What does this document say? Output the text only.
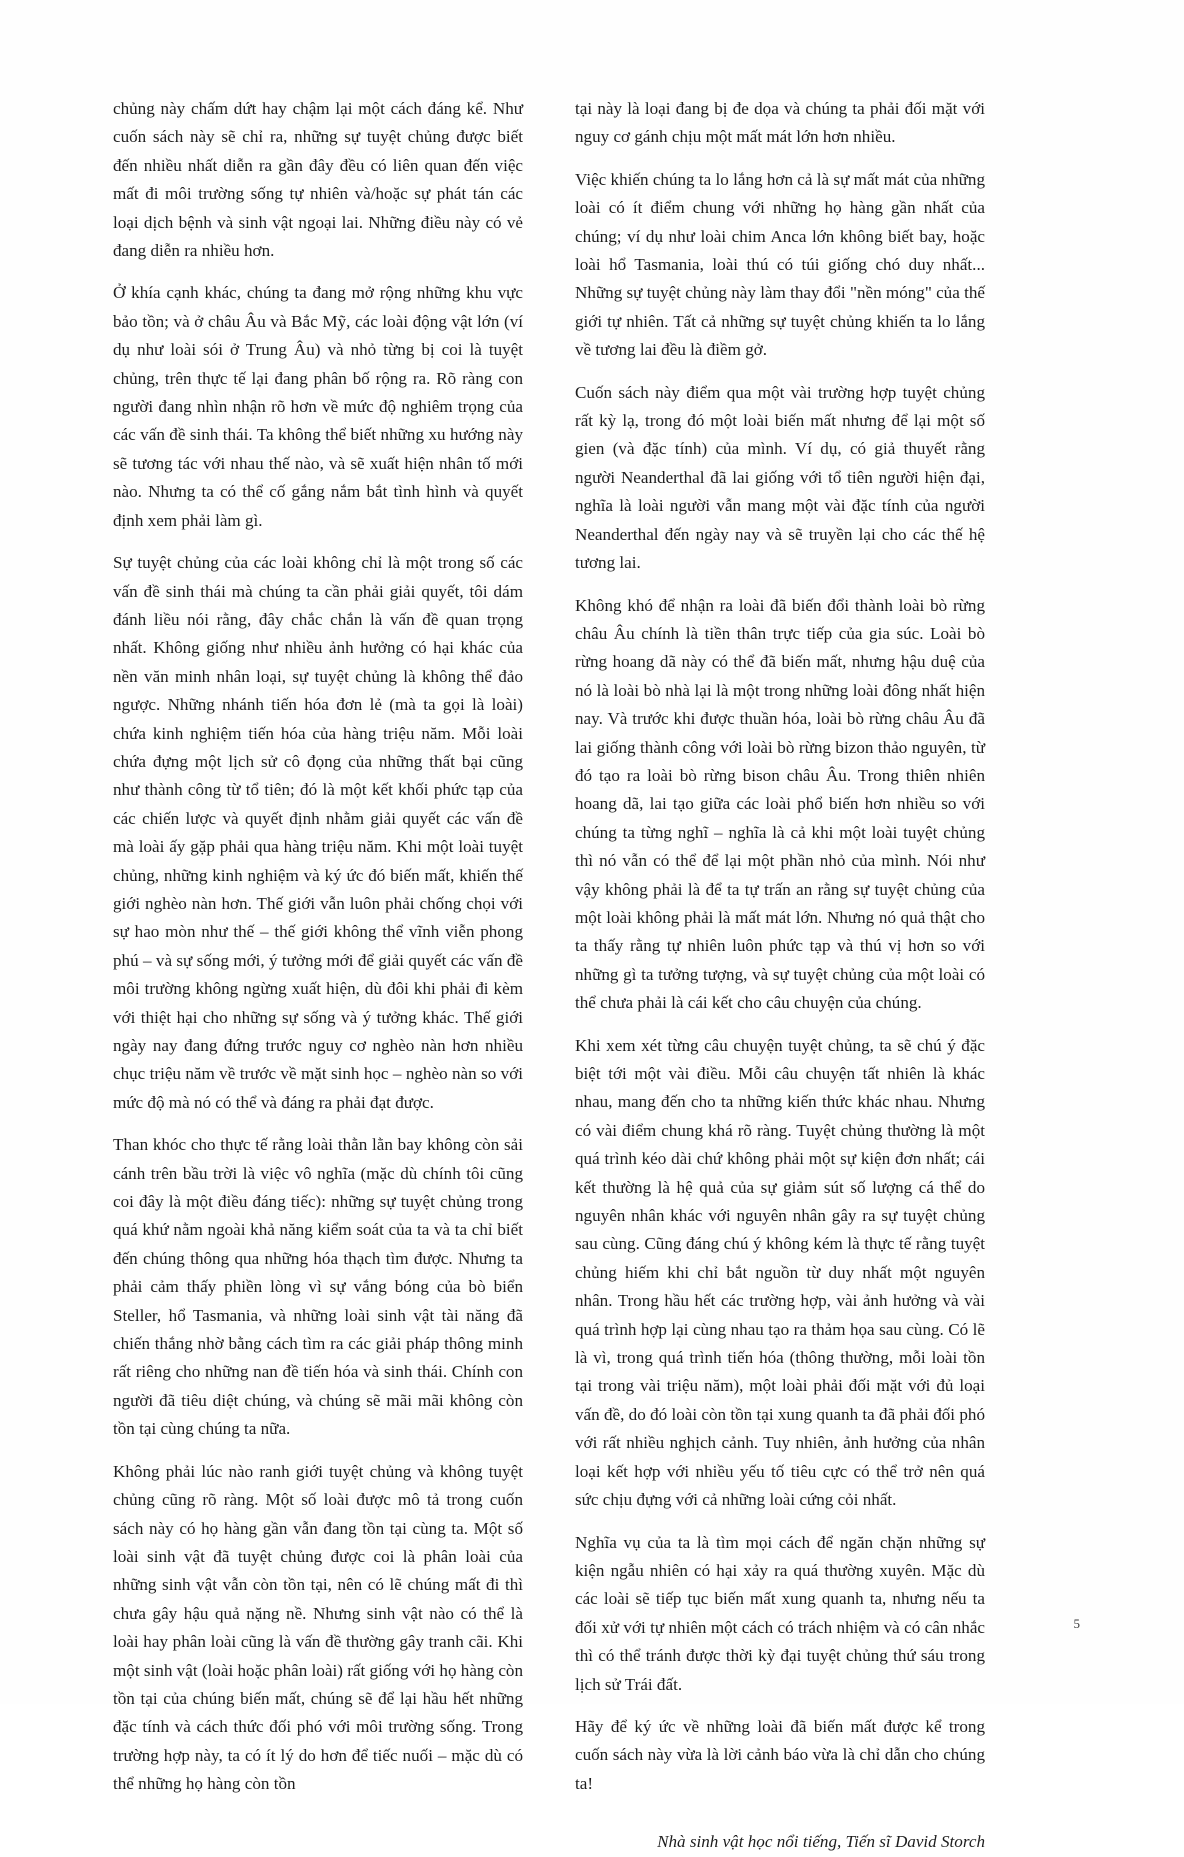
chủng này chấm dứt hay chậm lại một cách đáng kể. Như cuốn sách này sẽ chỉ ra, những sự tuyệt chủng được biết đến nhiều nhất diễn ra gần đây đều có liên quan đến việc mất đi môi trường sống tự nhiên và/hoặc sự phát tán các loại dịch bệnh và sinh vật ngoại lai. Những điều này có vẻ đang diễn ra nhiều hơn.

Ở khía cạnh khác, chúng ta đang mở rộng những khu vực bảo tồn; và ở châu Âu và Bắc Mỹ, các loài động vật lớn (ví dụ như loài sói ở Trung Âu) và nhỏ từng bị coi là tuyệt chủng, trên thực tế lại đang phân bố rộng ra. Rõ ràng con người đang nhìn nhận rõ hơn về mức độ nghiêm trọng của các vấn đề sinh thái. Ta không thể biết những xu hướng này sẽ tương tác với nhau thế nào, và sẽ xuất hiện nhân tố mới nào. Nhưng ta có thể cố gắng nắm bắt tình hình và quyết định xem phải làm gì.

Sự tuyệt chủng của các loài không chỉ là một trong số các vấn đề sinh thái mà chúng ta cần phải giải quyết, tôi dám đánh liều nói rằng, đây chắc chắn là vấn đề quan trọng nhất. Không giống như nhiều ảnh hưởng có hại khác của nền văn minh nhân loại, sự tuyệt chủng là không thể đảo ngược. Những nhánh tiến hóa đơn lẻ (mà ta gọi là loài) chứa kinh nghiệm tiến hóa của hàng triệu năm. Mỗi loài chứa đựng một lịch sử cô đọng của những thất bại cũng như thành công từ tổ tiên; đó là một kết khối phức tạp của các chiến lược và quyết định nhằm giải quyết các vấn đề mà loài ấy gặp phải qua hàng triệu năm. Khi một loài tuyệt chủng, những kinh nghiệm và ký ức đó biến mất, khiến thế giới nghèo nàn hơn. Thế giới vẫn luôn phải chống chọi với sự hao mòn như thế – thế giới không thể vĩnh viễn phong phú – và sự sống mới, ý tưởng mới để giải quyết các vấn đề môi trường không ngừng xuất hiện, dù đôi khi phải đi kèm với thiệt hại cho những sự sống và ý tưởng khác. Thế giới ngày nay đang đứng trước nguy cơ nghèo nàn hơn nhiều chục triệu năm về trước về mặt sinh học – nghèo nàn so với mức độ mà nó có thể và đáng ra phải đạt được.

Than khóc cho thực tế rằng loài thằn lằn bay không còn sải cánh trên bầu trời là việc vô nghĩa (mặc dù chính tôi cũng coi đây là một điều đáng tiếc): những sự tuyệt chủng trong quá khứ nằm ngoài khả năng kiểm soát của ta và ta chỉ biết đến chúng thông qua những hóa thạch tìm được. Nhưng ta phải cảm thấy phiền lòng vì sự vắng bóng của bò biển Steller, hổ Tasmania, và những loài sinh vật tài năng đã chiến thắng nhờ bằng cách tìm ra các giải pháp thông minh rất riêng cho những nan đề tiến hóa và sinh thái. Chính con người đã tiêu diệt chúng, và chúng sẽ mãi mãi không còn tồn tại cùng chúng ta nữa.

Không phải lúc nào ranh giới tuyệt chủng và không tuyệt chủng cũng rõ ràng. Một số loài được mô tả trong cuốn sách này có họ hàng gần vẫn đang tồn tại cùng ta. Một số loài sinh vật đã tuyệt chủng được coi là phân loài của những sinh vật vẫn còn tồn tại, nên có lẽ chúng mất đi thì chưa gây hậu quả nặng nề. Nhưng sinh vật nào có thể là loài hay phân loài cũng là vấn đề thường gây tranh cãi. Khi một sinh vật (loài hoặc phân loài) rất giống với họ hàng còn tồn tại của chúng biến mất, chúng sẽ để lại hầu hết những đặc tính và cách thức đối phó với môi trường sống. Trong trường hợp này, ta có ít lý do hơn để tiếc nuối – mặc dù có thể những họ hàng còn tồn

tại này là loại đang bị đe dọa và chúng ta phải đối mặt với nguy cơ gánh chịu một mất mát lớn hơn nhiều.

Việc khiến chúng ta lo lắng hơn cả là sự mất mát của những loài có ít điểm chung với những họ hàng gần nhất của chúng; ví dụ như loài chim Anca lớn không biết bay, hoặc loài hổ Tasmania, loài thú có túi giống chó duy nhất... Những sự tuyệt chủng này làm thay đổi "nền móng" của thế giới tự nhiên. Tất cả những sự tuyệt chủng khiến ta lo lắng về tương lai đều là điềm gở.

Cuốn sách này điểm qua một vài trường hợp tuyệt chủng rất kỳ lạ, trong đó một loài biến mất nhưng để lại một số gien (và đặc tính) của mình. Ví dụ, có giả thuyết rằng người Neanderthal đã lai giống với tổ tiên người hiện đại, nghĩa là loài người vẫn mang một vài đặc tính của người Neanderthal đến ngày nay và sẽ truyền lại cho các thế hệ tương lai.

Không khó để nhận ra loài đã biến đổi thành loài bò rừng châu Âu chính là tiền thân trực tiếp của gia súc. Loài bò rừng hoang dã này có thể đã biến mất, nhưng hậu duệ của nó là loài bò nhà lại là một trong những loài đông nhất hiện nay. Và trước khi được thuần hóa, loài bò rừng châu Âu đã lai giống thành công với loài bò rừng bizon thảo nguyên, từ đó tạo ra loài bò rừng bison châu Âu. Trong thiên nhiên hoang dã, lai tạo giữa các loài phổ biến hơn nhiều so với chúng ta từng nghĩ – nghĩa là cả khi một loài tuyệt chủng thì nó vẫn có thể để lại một phần nhỏ của mình. Nói như vậy không phải là để ta tự trấn an rằng sự tuyệt chủng của một loài không phải là mất mát lớn. Nhưng nó quả thật cho ta thấy rằng tự nhiên luôn phức tạp và thú vị hơn so với những gì ta tưởng tượng, và sự tuyệt chủng của một loài có thể chưa phải là cái kết cho câu chuyện của chúng.

Khi xem xét từng câu chuyện tuyệt chủng, ta sẽ chú ý đặc biệt tới một vài điều. Mỗi câu chuyện tất nhiên là khác nhau, mang đến cho ta những kiến thức khác nhau. Nhưng có vài điểm chung khá rõ ràng. Tuyệt chủng thường là một quá trình kéo dài chứ không phải một sự kiện đơn nhất; cái kết thường là hệ quả của sự giảm sút số lượng cá thể do nguyên nhân khác với nguyên nhân gây ra sự tuyệt chủng sau cùng. Cũng đáng chú ý không kém là thực tế rằng tuyệt chủng hiếm khi chỉ bắt nguồn từ duy nhất một nguyên nhân. Trong hầu hết các trường hợp, vài ảnh hưởng và vài quá trình hợp lại cùng nhau tạo ra thảm họa sau cùng. Có lẽ là vì, trong quá trình tiến hóa (thông thường, mỗi loài tồn tại trong vài triệu năm), một loài phải đối mặt với đủ loại vấn đề, do đó loài còn tồn tại xung quanh ta đã phải đối phó với rất nhiều nghịch cảnh. Tuy nhiên, ảnh hưởng của nhân loại kết hợp với nhiều yếu tố tiêu cực có thể trở nên quá sức chịu đựng với cả những loài cứng cỏi nhất.

Nghĩa vụ của ta là tìm mọi cách để ngăn chặn những sự kiện ngẫu nhiên có hại xảy ra quá thường xuyên. Mặc dù các loài sẽ tiếp tục biến mất xung quanh ta, nhưng nếu ta đối xử với tự nhiên một cách có trách nhiệm và có cân nhắc thì có thể tránh được thời kỳ đại tuyệt chủng thứ sáu trong lịch sử Trái đất.

Hãy để ký ức về những loài đã biến mất được kể trong cuốn sách này vừa là lời cảnh báo vừa là chỉ dẫn cho chúng ta!

Nhà sinh vật học nổi tiếng, Tiến sĩ David Storch

5
